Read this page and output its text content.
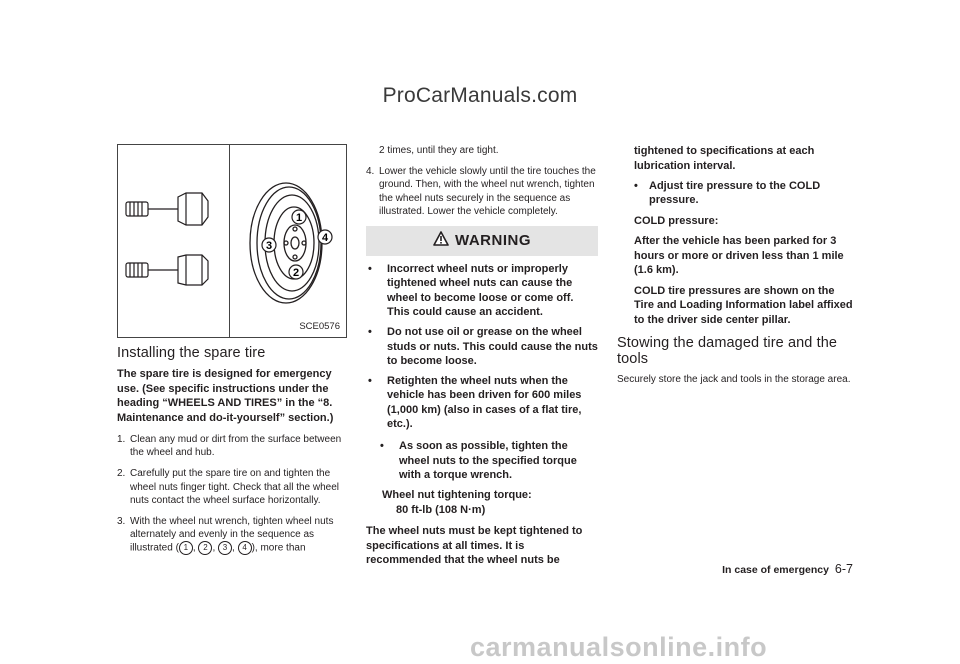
ProCarManuals.com
1
2
3
4
SCE0576
Installing the spare tire
The spare tire is designed for emergency use. (See specific instructions under the heading “WHEELS AND TIRES” in the “8. Maintenance and do-it-yourself” section.)
1. Clean any mud or dirt from the surface between the wheel and hub.
2. Carefully put the spare tire on and tighten the wheel nuts finger tight. Check that all the wheel nuts contact the wheel surface horizontally.
3. With the wheel nut wrench, tighten wheel nuts alternately and evenly in the sequence as illustrated ( 1 , 2 , 3 , 4 ), more than
2 times, until they are tight.
4. Lower the vehicle slowly until the tire touches the ground. Then, with the wheel nut wrench, tighten the wheel nuts securely in the sequence as illustrated. Lower the vehicle completely.
WARNING
• Incorrect wheel nuts or improperly tightened wheel nuts can cause the wheel to become loose or come off. This could cause an accident.
• Do not use oil or grease on the wheel studs or nuts. This could cause the nuts to become loose.
• Retighten the wheel nuts when the vehicle has been driven for 600 miles (1,000 km) (also in cases of a flat tire, etc.).
• As soon as possible, tighten the wheel nuts to the specified torque with a torque wrench.
Wheel nut tightening torque:
80 ft-lb (108 N·m)
The wheel nuts must be kept tightened to specifications at all times. It is recommended that the wheel nuts be
tightened to specifications at each lubrication interval.
• Adjust tire pressure to the COLD pressure.
COLD pressure:
After the vehicle has been parked for 3 hours or more or driven less than 1 mile (1.6 km).
COLD tire pressures are shown on the Tire and Loading Information label affixed to the driver side center pillar.
Stowing the damaged tire and the tools
Securely store the jack and tools in the storage area.
In case of emergency 6-7
carmanualsonline.info
